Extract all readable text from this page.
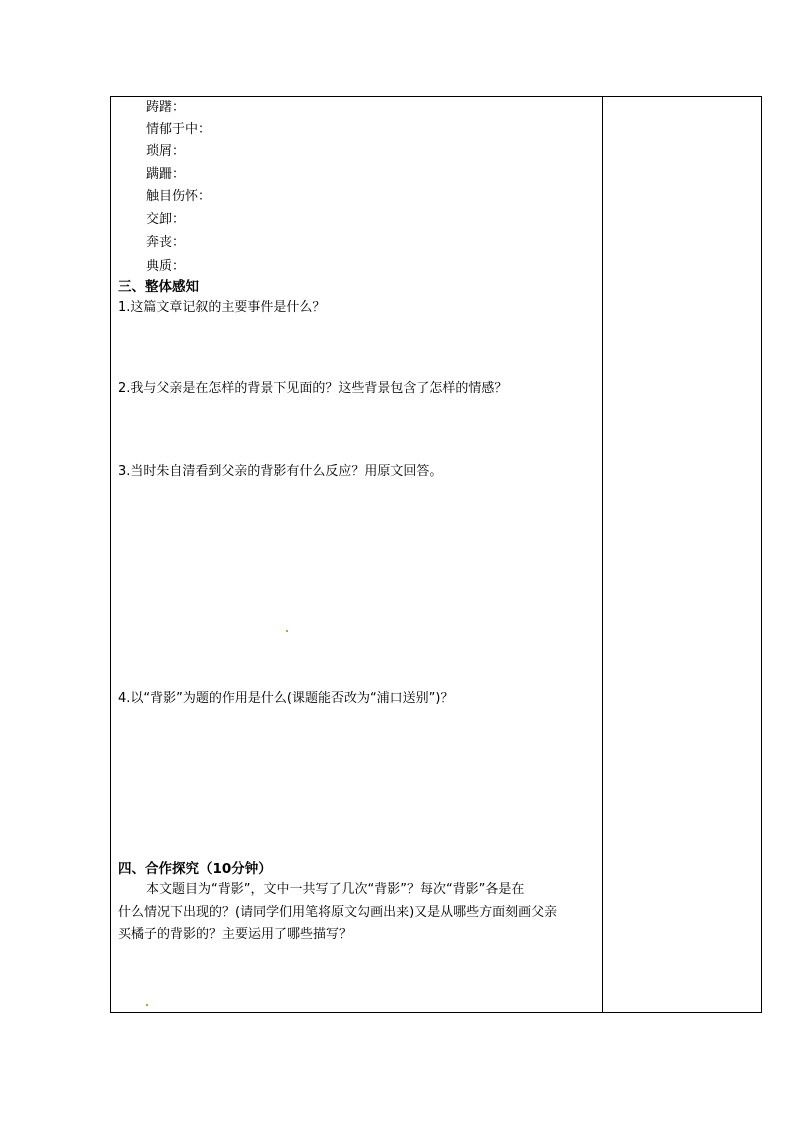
踌躇：

情郁于中：

琐屑：

蹒跚：

触目伤怀：

交卸：

奔丧：

典质：

三、整体感知

1.这篇文章记叙的主要事件是什么？

2.我与父亲是在怎样的背景下见面的？这些背景包含了怎样的情感？

3.当时朱自清看到父亲的背影有什么反应？用原文回答。

4.以“背影”为题的作用是什么(课题能否改为“浦口送别”)？

四、合作探究（10分钟）

本文题目为“背影”，文中一共写了几次“背影”？每次“背影”各是在

什么情况下出现的？(请同学们用笔将原文勾画出来)又是从哪些方面刻画父亲

买橘子的背影的？主要运用了哪些描写？
